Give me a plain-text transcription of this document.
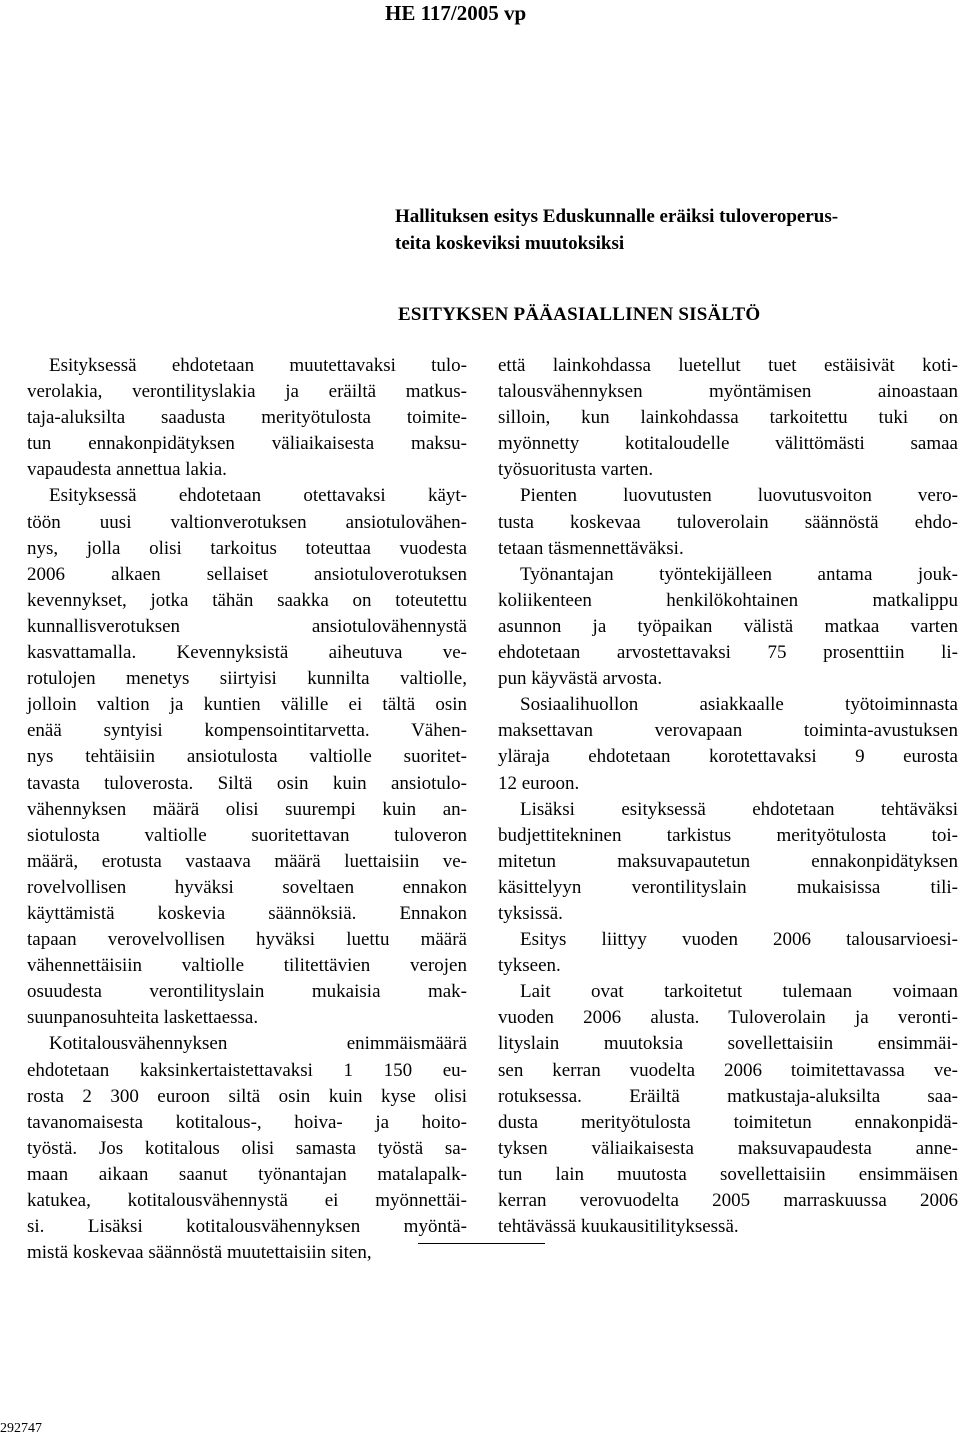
HE 117/2005 vp
Hallituksen esitys Eduskunnalle eräiksi tuloveroperus-
teita koskeviksi muutoksiksi
ESITYKSEN PÄÄASIALLINEN SISÄLTÖ
Esityksessä ehdotetaan muutettavaksi tulo-
verolakia, verontilityslakia ja eräiltä matkus-
taja-aluksilta saadusta merityötulosta toimite-
tun ennakonpidätyksen väliaikaisesta maksu-
vapaudesta annettua lakia.
Esityksessä ehdotetaan otettavaksi käyt-
töön uusi valtionverotuksen ansiotulovähen-
nys, jolla olisi tarkoitus toteuttaa vuodesta
2006 alkaen sellaiset ansiotuloverotuksen
kevennykset, jotka tähän saakka on toteutettu
kunnallisverotuksen ansiotulovähennystä
kasvattamalla. Kevennyksistä aiheutuva ve-
rotulojen menetys siirtyisi kunnilta valtiolle,
jolloin valtion ja kuntien välille ei tältä osin
enää syntyisi kompensointitarvetta. Vähen-
nys tehtäisiin ansiotulosta valtiolle suoritet-
tavasta tuloverosta. Siltä osin kuin ansiotulo-
vähennyksen määrä olisi suurempi kuin an-
siotulosta valtiolle suoritettavan tuloveron
määrä, erotusta vastaava määrä luettaisiin ve-
rovelvollisen hyväksi soveltaen ennakon
käyttämistä koskevia säännöksiä. Ennakon
tapaan verovelvollisen hyväksi luettu määrä
vähennettäisiin valtiolle tilitettävien verojen
osuudesta verontilityslain mukaisia mak-
suunpanosuhteita laskettaessa.
Kotitalousvähennyksen enimmäismäärä
ehdotetaan kaksinkertaistettavaksi 1 150 eu-
rosta 2 300 euroon siltä osin kuin kyse olisi
tavanomaisesta kotitalous-, hoiva- ja hoito-
työstä. Jos kotitalous olisi samasta työstä sa-
maan aikaan saanut työnantajan matalapalk-
katukea, kotitalousvähennystä ei myönnettäi-
si. Lisäksi kotitalousvähennyksen myöntä-
mistä koskevaa säännöstä muutettaisiin siten,
että lainkohdassa luetellut tuet estäisivät koti-
talousvähennyksen myöntämisen ainoastaan
silloin, kun lainkohdassa tarkoitettu tuki on
myönnetty kotitaloudelle välittömästi samaa
työsuoritusta varten.
Pienten luovutusten luovutusvoiton vero-
tusta koskevaa tuloverolain säännöstä ehdo-
tetaan täsmennettäväksi.
Työnantajan työntekijälleen antama jouk-
koliikenteen henkilökohtainen matkalippu
asunnon ja työpaikan välistä matkaa varten
ehdotetaan arvostettavaksi 75 prosenttiin li-
pun käyvästä arvosta.
Sosiaalihuollon asiakkaalle työtoiminnasta
maksettavan verovapaan toiminta-avustuksen
yläraja ehdotetaan korotettavaksi 9 eurosta
12 euroon.
Lisäksi esityksessä ehdotetaan tehtäväksi
budjettitekninen tarkistus merityötulosta toi-
mitetun maksuvapautetun ennakonpidätyksen
käsittelyyn verontilityslain mukaisissa tili-
tyksissä.
Esitys liittyy vuoden 2006 talousarvioesi-
tykseen.
Lait ovat tarkoitetut tulemaan voimaan
vuoden 2006 alusta. Tuloverolain ja veronti-
lityslain muutoksia sovellettaisiin ensimmäi-
sen kerran vuodelta 2006 toimitettavassa ve-
rotuksessa. Eräiltä matkustaja-aluksilta saa-
dusta merityötulosta toimitetun ennakonpidä-
tyksen väliaikaisesta maksuvapaudesta anne-
tun lain muutosta sovellettaisiin ensimmäisen
kerran verovuodelta 2005 marraskuussa 2006
tehtävässä kuukausitilityksessä.
292747
